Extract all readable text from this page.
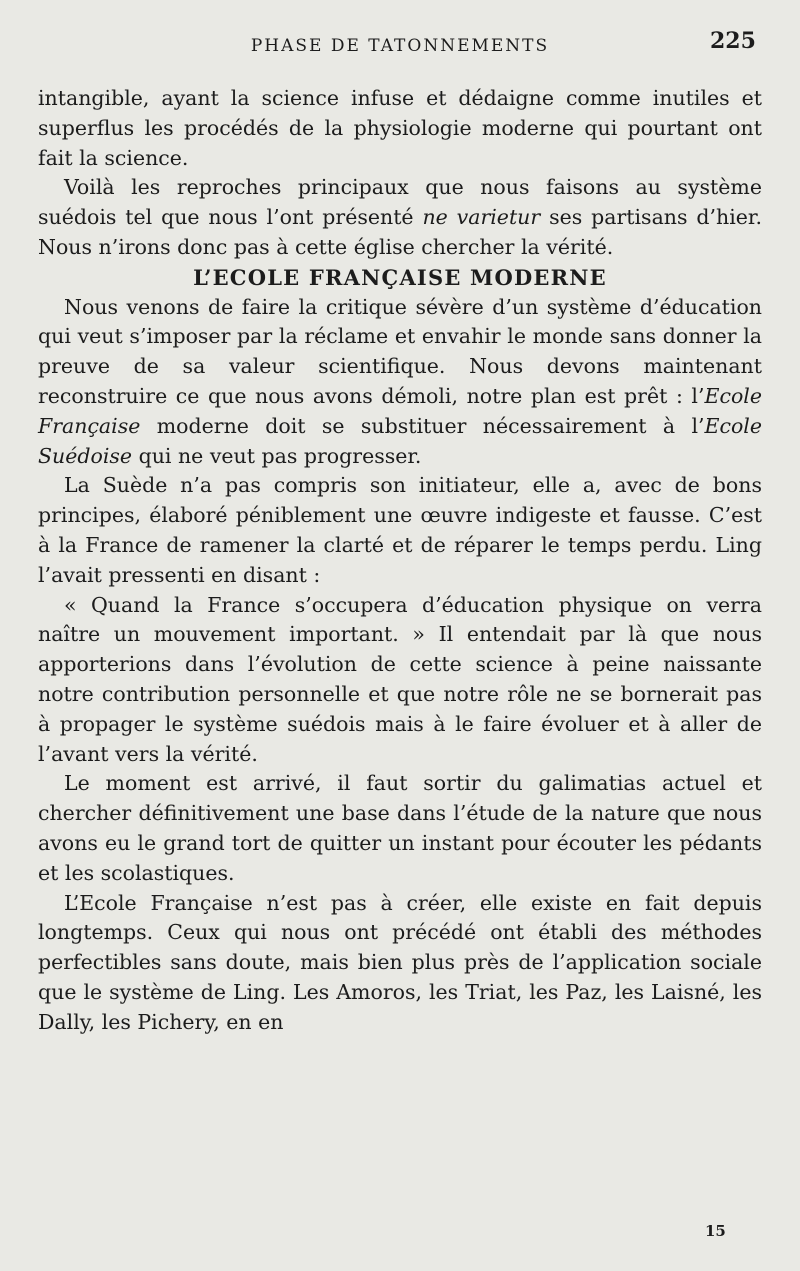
PHASE DE TATONNEMENTS	225

intangible, ayant la science infuse et dédaigne comme inutiles et superflus les procédés de la physiologie moderne qui pourtant ont fait la science.

Voilà les reproches principaux que nous faisons au système suédois tel que nous l’ont présenté ne varietur ses partisans d’hier. Nous n’irons donc pas à cette église chercher la vérité.

L’ECOLE FRANÇAISE MODERNE

Nous venons de faire la critique sévère d’un système d’éducation qui veut s’imposer par la réclame et envahir le monde sans donner la preuve de sa valeur scientifique. Nous devons maintenant reconstruire ce que nous avons démoli, notre plan est prêt : l’Ecole Française moderne doit se substituer nécessairement à l’Ecole Suédoise qui ne veut pas progresser.

La Suède n’a pas compris son initiateur, elle a, avec de bons principes, élaboré péniblement une œuvre indigeste et fausse. C’est à la France de ramener la clarté et de réparer le temps perdu. Ling l’avait pressenti en disant :

« Quand la France s’occupera d’éducation physique on verra naître un mouvement important. » Il entendait par là que nous apporterions dans l’évolution de cette science à peine naissante notre contribution personnelle et que notre rôle ne se bornerait pas à propager le système suédois mais à le faire évoluer et à aller de l’avant vers la vérité.

Le moment est arrivé, il faut sortir du galimatias actuel et chercher définitivement une base dans l’étude de la nature que nous avons eu le grand tort de quitter un instant pour écouter les pédants et les scolastiques.

L’Ecole Française n’est pas à créer, elle existe en fait depuis longtemps. Ceux qui nous ont précédé ont établi des méthodes perfectibles sans doute, mais bien plus près de l’application sociale que le système de Ling. Les Amoros, les Triat, les Paz, les Laisné, les Dally, les Pichery, en en

15
